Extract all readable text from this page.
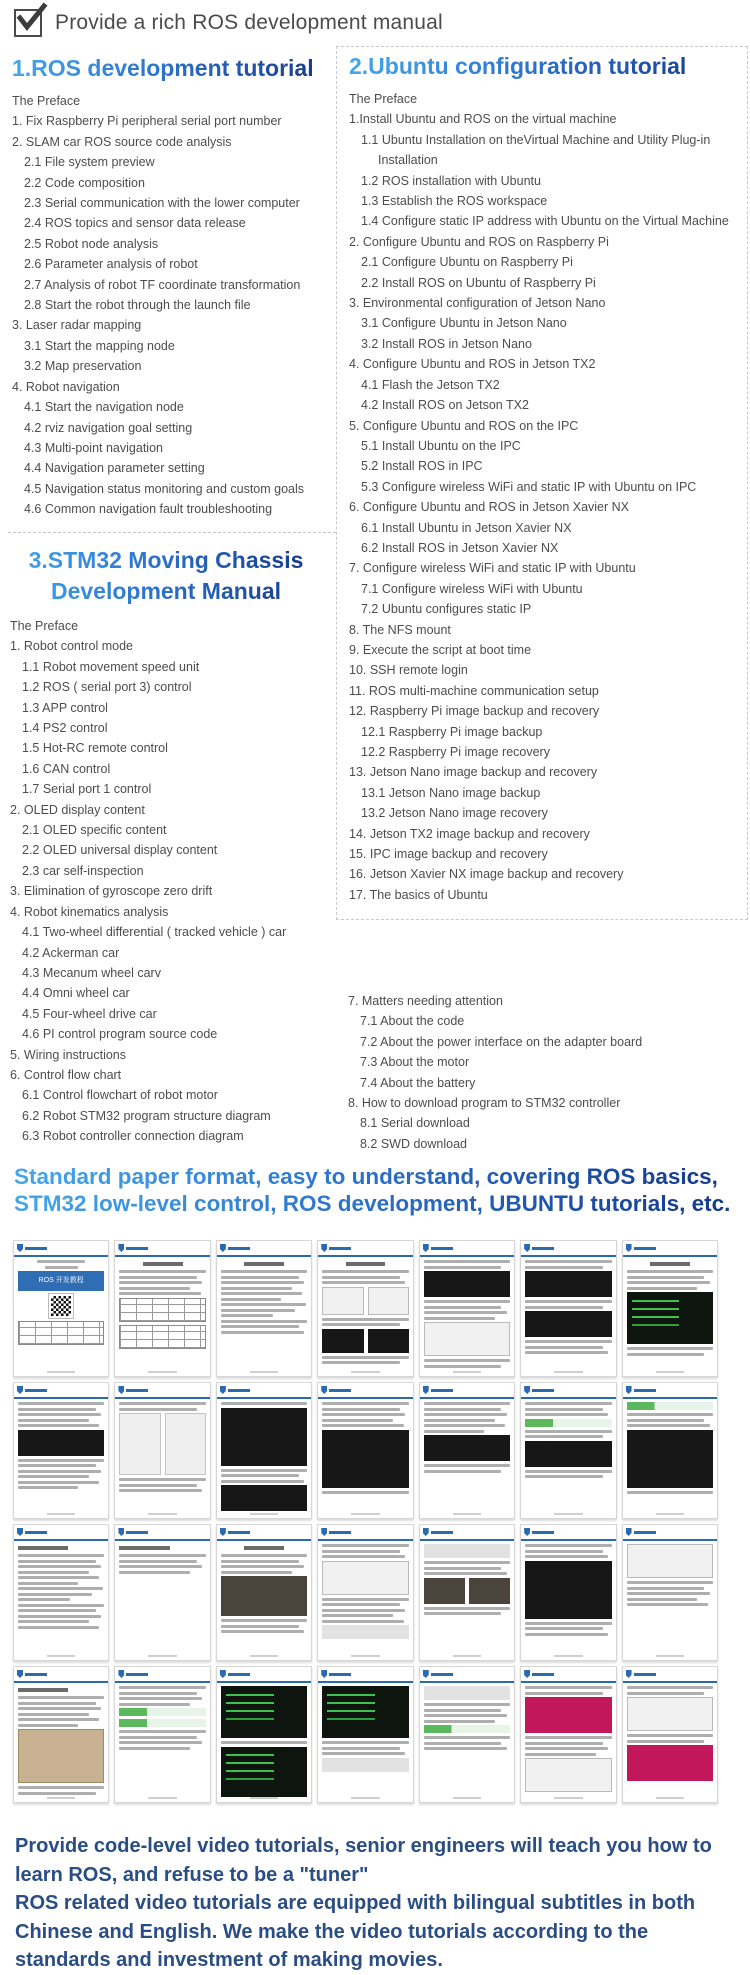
Provide a rich ROS development manual
1.ROS development tutorial
The Preface
1. Fix Raspberry Pi peripheral serial port number
2. SLAM car ROS source code analysis
2.1 File system preview
2.2 Code composition
2.3 Serial communication with the lower computer
2.4 ROS topics and sensor data release
2.5 Robot node analysis
2.6 Parameter analysis of robot
2.7 Analysis of robot TF coordinate transformation
2.8 Start the robot through the launch file
3. Laser radar mapping
3.1 Start the mapping node
3.2 Map preservation
4. Robot navigation
4.1 Start the navigation node
4.2 rviz navigation goal setting
4.3 Multi-point navigation
4.4 Navigation parameter setting
4.5 Navigation status monitoring and custom goals
4.6 Common navigation fault troubleshooting
2.Ubuntu configuration tutorial
The Preface
1.Install Ubuntu and ROS on the virtual machine
1.1 Ubuntu Installation on theVirtual Machine and Utility Plug-in Installation
1.2 ROS installation with Ubuntu
1.3 Establish the ROS workspace
1.4 Configure static IP address with Ubuntu on the Virtual Machine
2. Configure Ubuntu and ROS on Raspberry Pi
2.1 Configure Ubuntu on Raspberry Pi
2.2 Install ROS on Ubuntu of Raspberry Pi
3. Environmental configuration of Jetson Nano
3.1 Configure Ubuntu in Jetson Nano
3.2 Install ROS in Jetson Nano
4. Configure Ubuntu and ROS in Jetson TX2
4.1 Flash the Jetson TX2
4.2 Install ROS on Jetson TX2
5. Configure Ubuntu and ROS on the IPC
5.1 Install Ubuntu on the IPC
5.2 Install ROS in IPC
5.3 Configure wireless WiFi and static IP with Ubuntu on IPC
6. Configure Ubuntu and ROS in Jetson Xavier NX
6.1 Install Ubuntu in Jetson Xavier NX
6.2 Install ROS in Jetson Xavier NX
7. Configure wireless WiFi and static IP with Ubuntu
7.1 Configure wireless WiFi with Ubuntu
7.2 Ubuntu configures static IP
8. The NFS mount
9. Execute the script at boot time
10. SSH remote login
11. ROS multi-machine communication setup
12. Raspberry Pi image backup and recovery
12.1 Raspberry Pi image backup
12.2 Raspberry Pi image recovery
13. Jetson Nano image backup and recovery
13.1 Jetson Nano image backup
13.2 Jetson Nano image recovery
14. Jetson TX2 image backup and recovery
15. IPC image backup and recovery
16. Jetson Xavier NX image backup and recovery
17. The basics of Ubuntu
3.STM32 Moving Chassis
Development Manual
The Preface
1. Robot control mode
1.1 Robot movement speed unit
1.2 ROS ( serial port 3) control
1.3 APP control
1.4 PS2 control
1.5 Hot-RC remote control
1.6 CAN control
1.7 Serial port 1 control
2. OLED display content
2.1 OLED specific content
2.2 OLED universal display content
2.3 car self-inspection
3. Elimination of gyroscope zero drift
4. Robot kinematics analysis
4.1 Two-wheel differential ( tracked vehicle ) car
4.2 Ackerman car
4.3 Mecanum wheel carv
4.4 Omni wheel car
4.5 Four-wheel drive car
4.6 PI control program source code
5. Wiring instructions
6. Control flow chart
6.1 Control flowchart of robot motor
6.2 Robot STM32 program structure diagram
6.3 Robot controller connection diagram
7. Matters needing attention
7.1 About the code
7.2 About the power interface on the adapter board
7.3 About the motor
7.4 About the battery
8. How to download program to STM32 controller
8.1 Serial download
8.2 SWD download
Standard paper format, easy to understand, covering ROS basics,
STM32 low-level control, ROS development, UBUNTU tutorials, etc.
ROS 开发教程
Provide code-level video tutorials, senior engineers will teach you how to learn ROS, and refuse to be a "tuner"
ROS related video tutorials are equipped with bilingual subtitles in both Chinese and English. We make the video tutorials according to the standards and investment of making movies.
